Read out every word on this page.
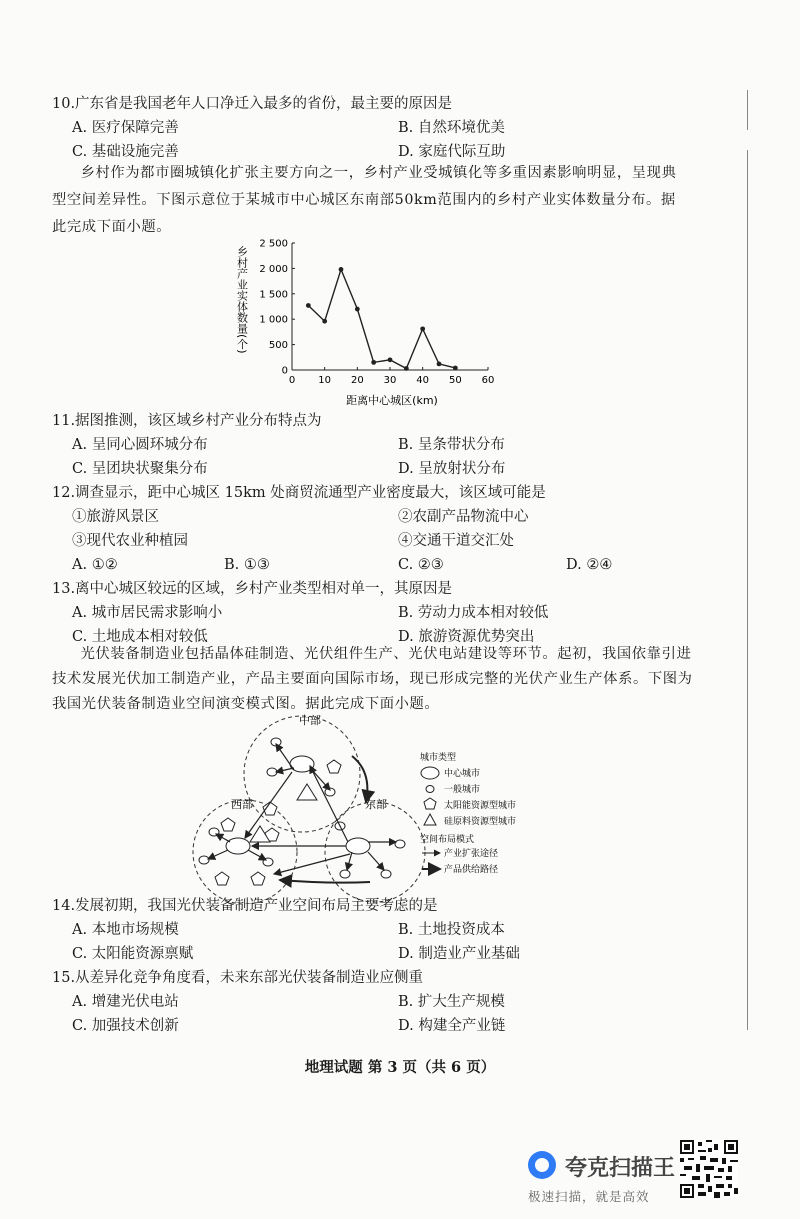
10.广东省是我国老年人口净迁入最多的省份，最主要的原因是
A. 医疗保障完善	B. 自然环境优美
C. 基础设施完善	D. 家庭代际互助
乡村作为都市圈城镇化扩张主要方向之一，乡村产业受城镇化等多重因素影响明显，呈现典型空间差异性。下图示意位于某城市中心城区东南部50km范围内的乡村产业实体数量分布。据此完成下面小题。
乡村产业实体数量(个)
0 10 20 30 40 50 60
0
500
1 000
1 500
2 000
2 500
距离中心城区(km)
11.据图推测，该区域乡村产业分布特点为
A. 呈同心圆环城分布	B. 呈条带状分布
C. 呈团块状聚集分布	D. 呈放射状分布
12.调查显示，距中心城区 15km 处商贸流通型产业密度最大，该区域可能是
①旅游风景区	②农副产品物流中心
③现代农业种植园	④交通干道交汇处
A. ①②	B. ①③	C. ②③	D. ②④
13.离中心城区较远的区域，乡村产业类型相对单一，其原因是
A. 城市居民需求影响小	B. 劳动力成本相对较低
C. 土地成本相对较低	D. 旅游资源优势突出
光伏装备制造业包括晶体硅制造、光伏组件生产、光伏电站建设等环节。起初，我国依靠引进技术发展光伏加工制造产业，产品主要面向国际市场，现已形成完整的光伏产业生产体系。下图为我国光伏装备制造业空间演变模式图。据此完成下面小题。
中部
西部	东部
城市类型
中心城市
一般城市
太阳能资源型城市
硅原料资源型城市
空间布局模式
产业扩张途径
产品供给路径
14.发展初期，我国光伏装备制造产业空间布局主要考虑的是
A. 本地市场规模	B. 土地投资成本
C. 太阳能资源禀赋	D. 制造业产业基础
15.从差异化竞争角度看，未来东部光伏装备制造业应侧重
A. 增建光伏电站	B. 扩大生产规模
C. 加强技术创新	D. 构建全产业链
地理试题 第 3 页（共 6 页）
夸克扫描王
极速扫描，就是高效
